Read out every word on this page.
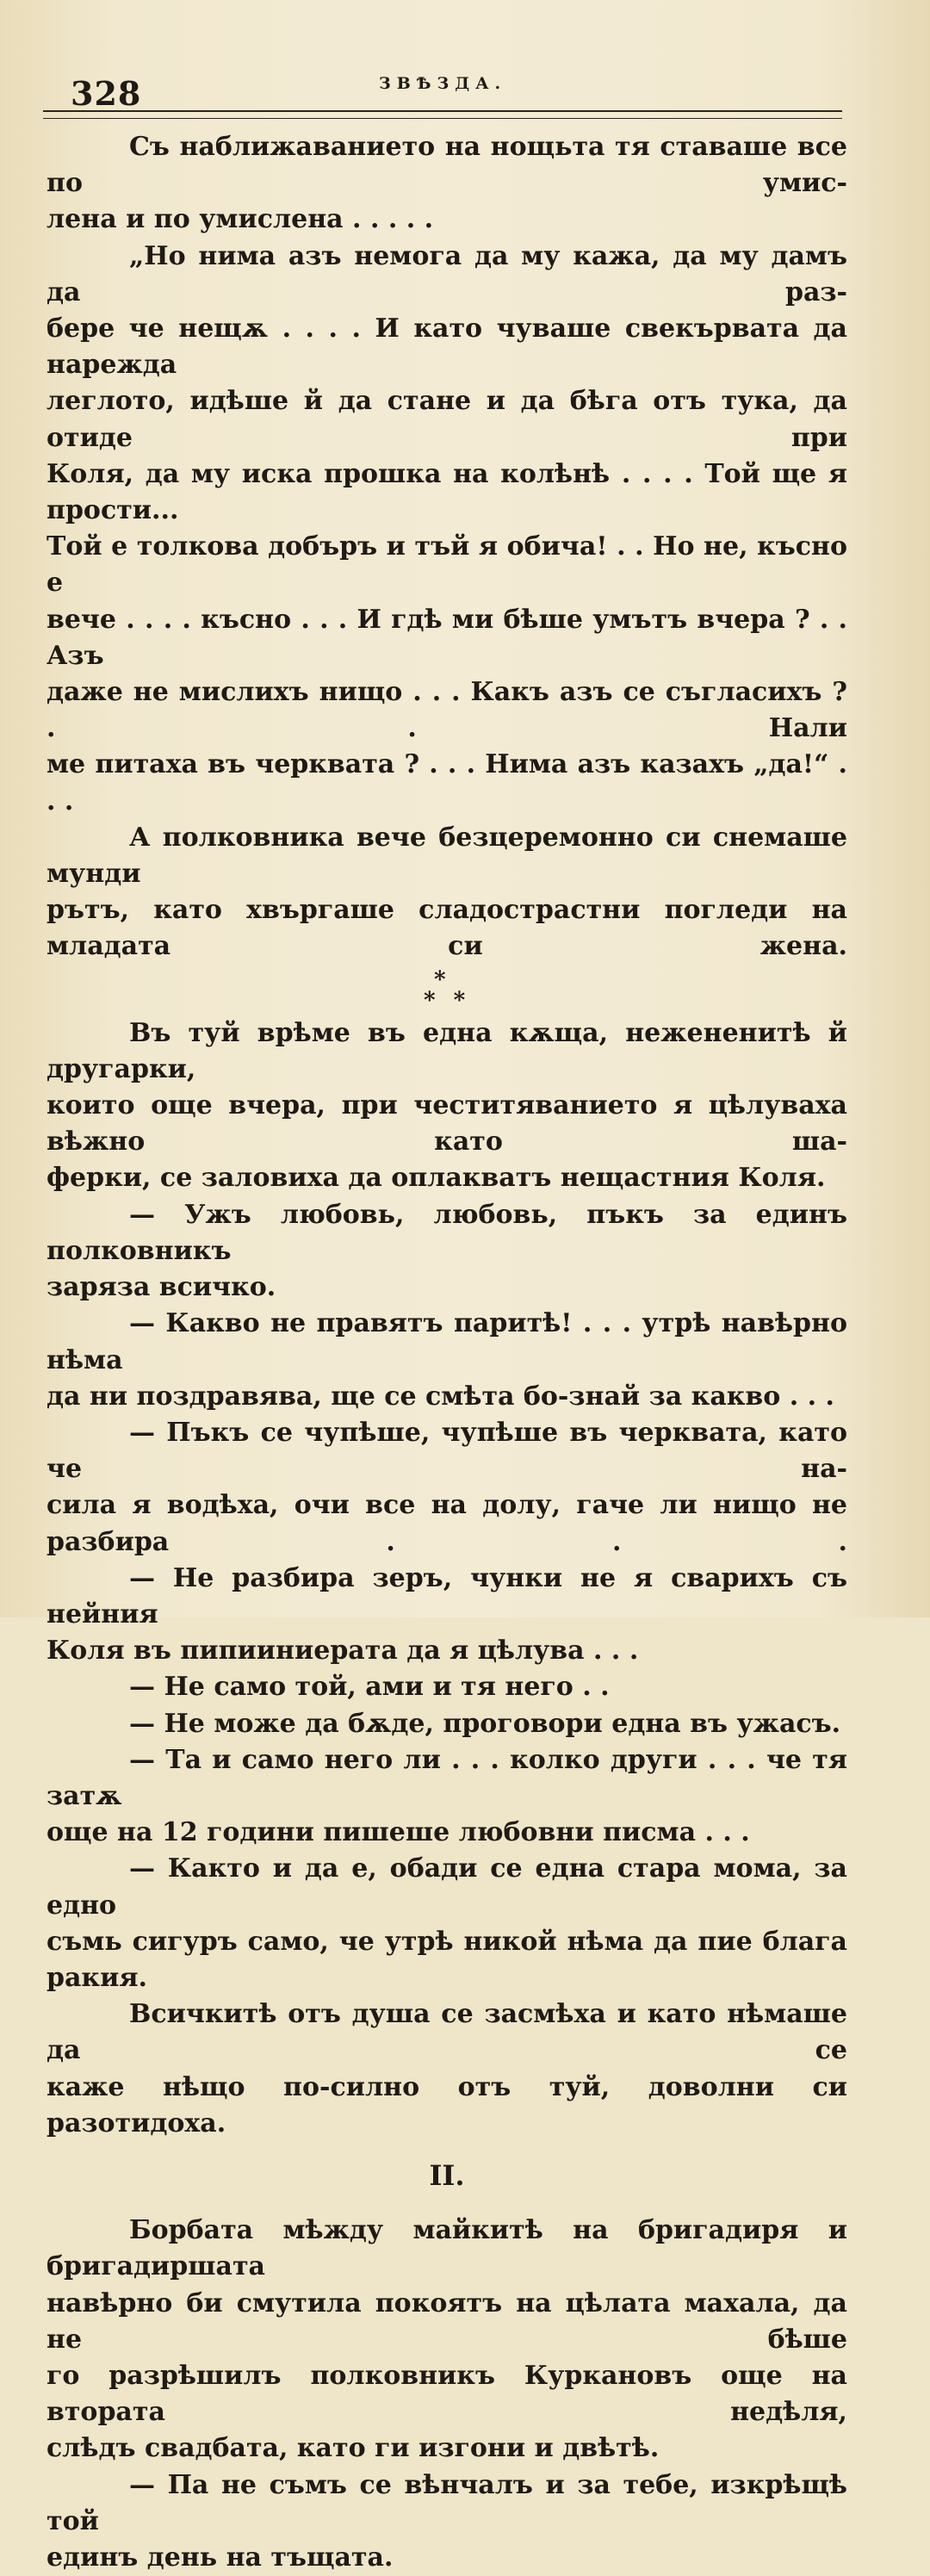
328	ЗВѢЗДА.

Съ наближаванието на нощьта тя ставаше все по умис-

лена и по умислена . . . . .

„Но нима азъ немога да му кажа, да му дамъ да раз-

бере че нещѫ . . . . И като чуваше свекървата да нарежда

леглото, идѣше й да стане и да бѣга отъ тука, да отиде при

Коля, да му иска прошка на колѣнѣ . . . . Той ще я прости...

Той е толкова добъръ и тъй я обича! . . Но не, късно е

вече . . . . късно . . . И гдѣ ми бѣше умътъ вчера ? . . Азъ

даже не мислихъ нищо . . . Какъ азъ се съгласихъ ? . . Нали

ме питаха въ черквата ? . . . Нима азъ казахъ „да!“ . . .

А полковника вече безцеремонно си снемаше мунди

рътъ, като хвъргаше сладострастни погледи на младата си жена.

*
* *

Въ туй врѣме въ една кѫща, нежененитѣ й другарки,

които още вчера, при честитяванието я цѣлуваха вѣжно като ша-

ферки, се заловиха да оплакватъ нещастния Коля.

— Ужъ любовь, любовь, пъкъ за единъ полковникъ

заряза всичко.

— Какво не правятъ паритѣ! . . . утрѣ навѣрно нѣма

да ни поздравява, ще се смѣта бо-знай за какво . . .

— Пъкъ се чупѣше, чупѣше въ черквата, като че на-

сила я водѣха, очи все на долу, гаче ли нищо не разбира . . .

— Не разбира зеръ, чунки не я сварихъ съ нейния

Коля въ пипииниерата да я цѣлува . . .

— Не само той, ами и тя него . .

— Не може да бѫде, проговори една въ ужасъ.

— Та и само него ли . . . колко други . . . че тя затѫ

още на 12 години пишеше любовни писма . . .

— Както и да е, обади се една стара мома, за едно

съмь сигуръ само, че утрѣ никой нѣма да пие блага ракия.

Всичкитѣ отъ душа се засмѣха и като нѣмаше да се

каже нѣщо по-силно отъ туй, доволни си разотидоха.

II.

Борбата мѣжду майкитѣ на бригадиря и бригадиршата

навѣрно би смутила покоятъ на цѣлата махала, да не бѣше

го разрѣшилъ полковникъ Куркановъ още на втората недѣля,

слѣдъ свадбата, като ги изгони и двѣтѣ.

— Па не съмъ се вѣнчалъ и за тебе, изкрѣщѣ той

единъ день на тъщата.
